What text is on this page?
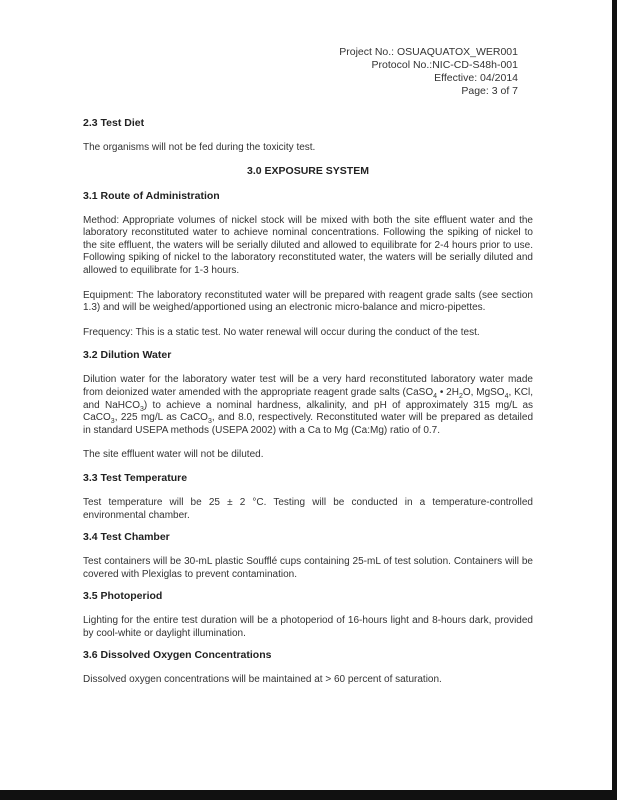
Project No.: OSUAQUATOX_WER001
Protocol No.:NIC-CD-S48h-001
Effective: 04/2014
Page: 3 of 7
2.3 Test Diet

The organisms will not be fed during the toxicity test.

3.0 EXPOSURE SYSTEM
3.1 Route of Administration

Method: Appropriate volumes of nickel stock will be mixed with both the site effluent water and the laboratory reconstituted water to achieve nominal concentrations. Following the spiking of nickel to the site effluent, the waters will be serially diluted and allowed to equilibrate for 2-4 hours prior to use. Following spiking of nickel to the laboratory reconstituted water, the waters will be serially diluted and allowed to equilibrate for 1-3 hours.

Equipment: The laboratory reconstituted water will be prepared with reagent grade salts (see section 1.3) and will be weighed/apportioned using an electronic micro-balance and micro-pipettes.

Frequency: This is a static test. No water renewal will occur during the conduct of the test.

3.2 Dilution Water

Dilution water for the laboratory water test will be a very hard reconstituted laboratory water made from deionized water amended with the appropriate reagent grade salts (CaSO$_4$ • $2H_2O$, MgSO$_4$, KCl, and NaHCO$_3$) to achieve a nominal hardness, alkalinity, and pH of approximately 315 mg/L as CaCO$_3$, 225 mg/L as CaCO$_3$, and 8.0, respectively. Reconstituted water will be prepared as detailed in standard USEPA methods (USEPA 2002) with a Ca to Mg (Ca:Mg) ratio of 0.7.

The site effluent water will not be diluted.

3.3 Test Temperature

Test temperature will be 25 ± 2 °C. Testing will be conducted in a temperature-controlled environmental chamber.

3.4 Test Chamber

Test containers will be 30-mL plastic Soufflé cups containing 25-mL of test solution. Containers will be covered with Plexiglas to prevent contamination.

3.5 Photoperiod

Lighting for the entire test duration will be a photoperiod of 16-hours light and 8-hours dark, provided by cool-white or daylight illumination.

3.6 Dissolved Oxygen Concentrations

Dissolved oxygen concentrations will be maintained at > 60 percent of saturation.
